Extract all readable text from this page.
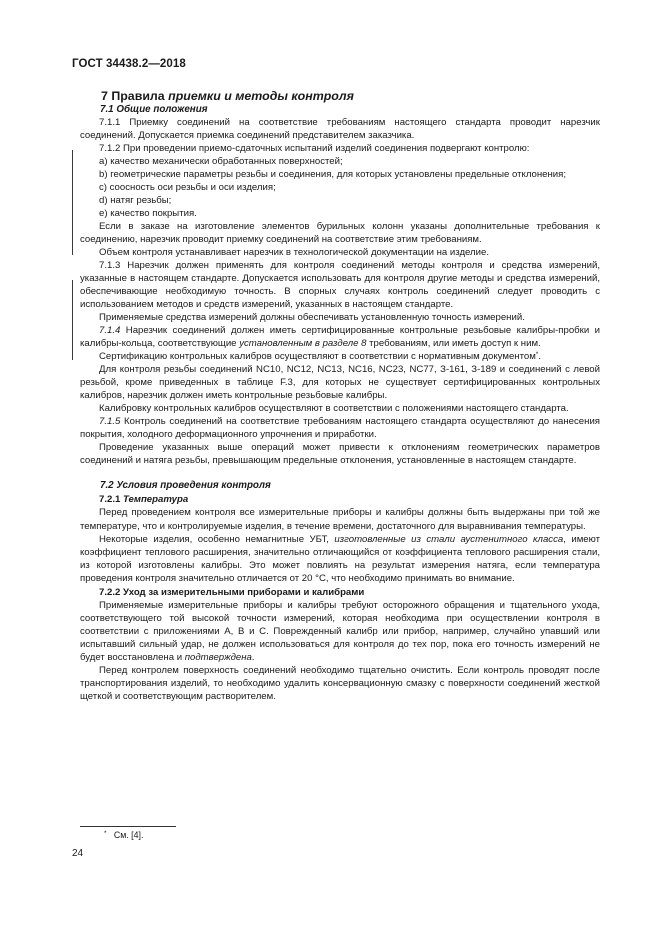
ГОСТ 34438.2—2018

7 Правила приемки и методы контроля

7.1 Общие положения

7.1.1 Приемку соединений на соответствие требованиям настоящего стандарта проводит нарезчик соединений. Допускается приемка соединений представителем заказчика.

7.1.2 При проведении приемо-сдаточных испытаний изделий соединения подвергают контролю:

а) качество механически обработанных поверхностей;

b) геометрические параметры резьбы и соединения, для которых установлены предельные отклонения;

с) соосность оси резьбы и оси изделия;

d) натяг резьбы;

е) качество покрытия.

Если в заказе на изготовление элементов бурильных колонн указаны дополнительные требования к соединению, нарезчик проводит приемку соединений на соответствие этим требованиям.

Объем контроля устанавливает нарезчик в технологической документации на изделие.

7.1.3 Нарезчик должен применять для контроля соединений методы контроля и средства измерений, указанные в настоящем стандарте. Допускается использовать для контроля другие методы и средства измерений, обеспечивающие необходимую точность. В спорных случаях контроль соединений следует проводить с использованием методов и средств измерений, указанных в настоящем стандарте.

Применяемые средства измерений должны обеспечивать установленную точность измерений.

7.1.4 Нарезчик соединений должен иметь сертифицированные контрольные резьбовые калибры-пробки и калибры-кольца, соответствующие установленным в разделе 8 требованиям, или иметь доступ к ним.

Сертификацию контрольных калибров осуществляют в соответствии с нормативным документом*.

Для контроля резьбы соединений NC10, NC12, NC13, NC16, NC23, NC77, З-161, З-189 и соединений с левой резьбой, кроме приведенных в таблице F.3, для которых не существует сертифицированных контрольных калибров, нарезчик должен иметь контрольные резьбовые калибры.

Калибровку контрольных калибров осуществляют в соответствии с положениями настоящего стандарта.

7.1.5 Контроль соединений на соответствие требованиям настоящего стандарта осуществляют до нанесения покрытия, холодного деформационного упрочнения и приработки.

Проведение указанных выше операций может привести к отклонениям геометрических параметров соединений и натяга резьбы, превышающим предельные отклонения, установленные в настоящем стандарте.

7.2 Условия проведения контроля

7.2.1 Температура

Перед проведением контроля все измерительные приборы и калибры должны быть выдержаны при той же температуре, что и контролируемые изделия, в течение времени, достаточного для выравнивания температуры.

Некоторые изделия, особенно немагнитные УБТ, изготовленные из стали аустенитного класса, имеют коэффициент теплового расширения, значительно отличающийся от коэффициента теплового расширения стали, из которой изготовлены калибры. Это может повлиять на результат измерения натяга, если температура проведения контроля значительно отличается от 20 °С, что необходимо принимать во внимание.

7.2.2 Уход за измерительными приборами и калибрами

Применяемые измерительные приборы и калибры требуют осторожного обращения и тщательного ухода, соответствующего той высокой точности измерений, которая необходима при осуществлении контроля в соответствии с приложениями А, В и С. Поврежденный калибр или прибор, например, случайно упавший или испытавший сильный удар, не должен использоваться для контроля до тех пор, пока его точность измерений не будет восстановлена и подтверждена.

Перед контролем поверхность соединений необходимо тщательно очистить. Если контроль проводят после транспортирования изделий, то необходимо удалить консервационную смазку с поверхности соединений жесткой щеткой и соответствующим растворителем.

* См. [4].
24
